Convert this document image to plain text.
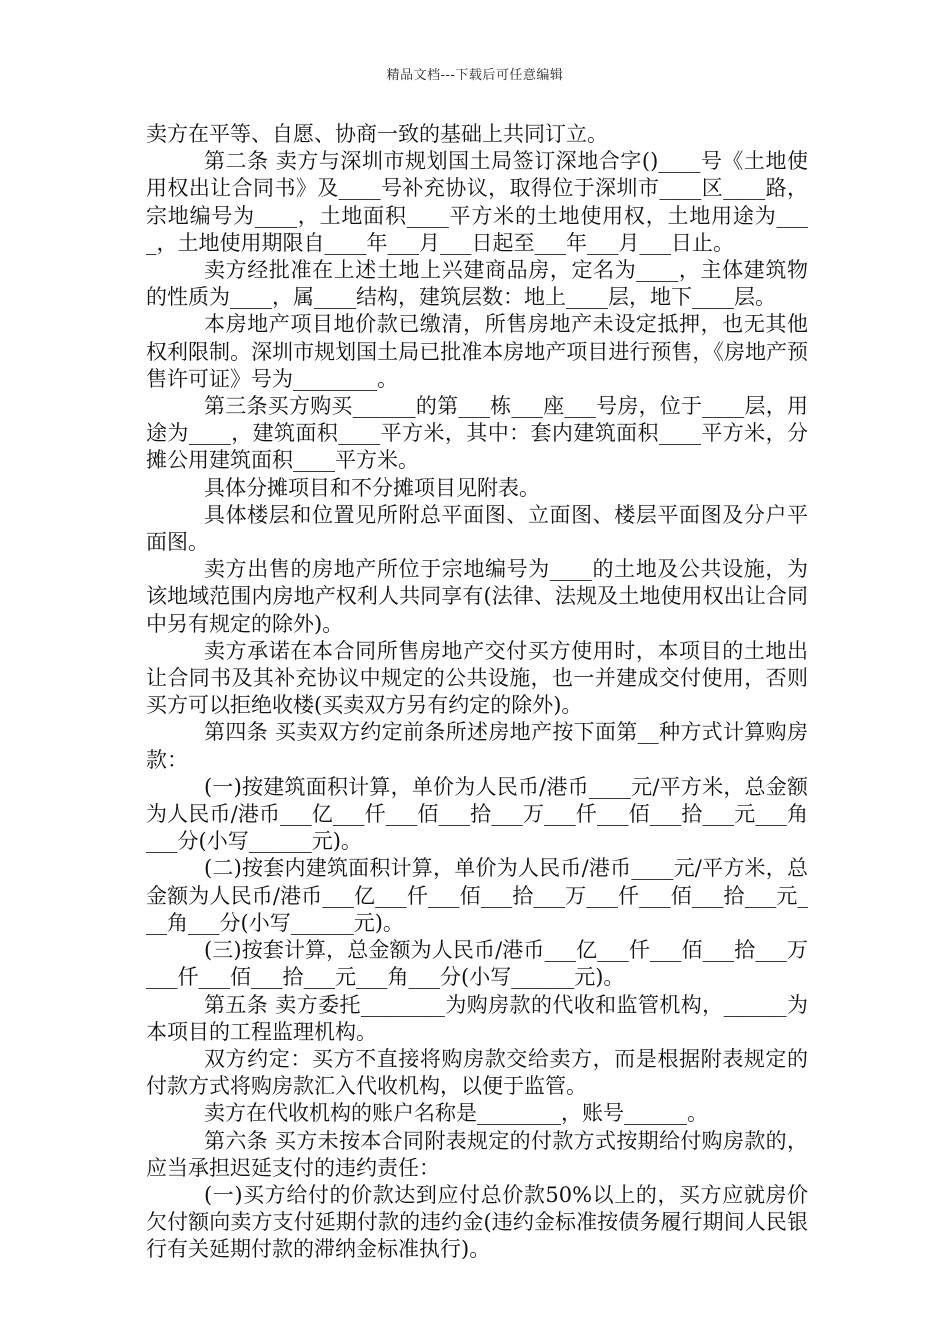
精品文档---下载后可任意编辑

卖方在平等、自愿、协商一致的基础上共同订立。

第二条 卖方与深圳市规划国土局签订深地合字()____号《土地使用权出让合同书》及____号补充协议，取得位于深圳市____区____路，宗地编号为____，土地面积____平方米的土地使用权，土地用途为____，土地使用期限自____年___月___日起至___年___月___日止。

卖方经批准在上述土地上兴建商品房，定名为____，主体建筑物的性质为____，属____结构，建筑层数：地上____层，地下____层。

本房地产项目地价款已缴清，所售房地产未设定抵押，也无其他权利限制。深圳市规划国土局已批准本房地产项目进行预售，《房地产预售许可证》号为________。

第三条买方购买______的第___栋___座___号房，位于____层，用途为____，建筑面积____平方米，其中：套内建筑面积____平方米，分摊公用建筑面积____平方米。

具体分摊项目和不分摊项目见附表。

具体楼层和位置见所附总平面图、立面图、楼层平面图及分户平面图。

卖方出售的房地产所位于宗地编号为____的土地及公共设施，为该地域范围内房地产权利人共同享有(法律、法规及土地使用权出让合同中另有规定的除外)。

卖方承诺在本合同所售房地产交付买方使用时，本项目的土地出让合同书及其补充协议中规定的公共设施，也一并建成交付使用，否则买方可以拒绝收楼(买卖双方另有约定的除外)。

第四条 买卖双方约定前条所述房地产按下面第__种方式计算购房款：

(一)按建筑面积计算，单价为人民币/港币____元/平方米，总金额为人民币/港币___亿___仟___佰___拾___万___仟___佰___拾___元___角___分(小写______元)。

(二)按套内建筑面积计算，单价为人民币/港币____元/平方米，总金额为人民币/港币___亿___仟___佰___拾___万___仟___佰___拾___元___角___分(小写______元)。

(三)按套计算，总金额为人民币/港币___亿___仟___佰___拾___万___仟___佰___拾___元___角___分(小写______元)。

第五条 卖方委托________为购房款的代收和监管机构，______为本项目的工程监理机构。

双方约定：买方不直接将购房款交给卖方，而是根据附表规定的付款方式将购房款汇入代收机构，以便于监管。

卖方在代收机构的账户名称是________，账号______。

第六条 买方未按本合同附表规定的付款方式按期给付购房款的，应当承担迟延支付的违约责任：

(一)买方给付的价款达到应付总价款50%以上的，买方应就房价欠付额向卖方支付延期付款的违约金(违约金标准按债务履行期间人民银行有关延期付款的滞纳金标准执行)。
